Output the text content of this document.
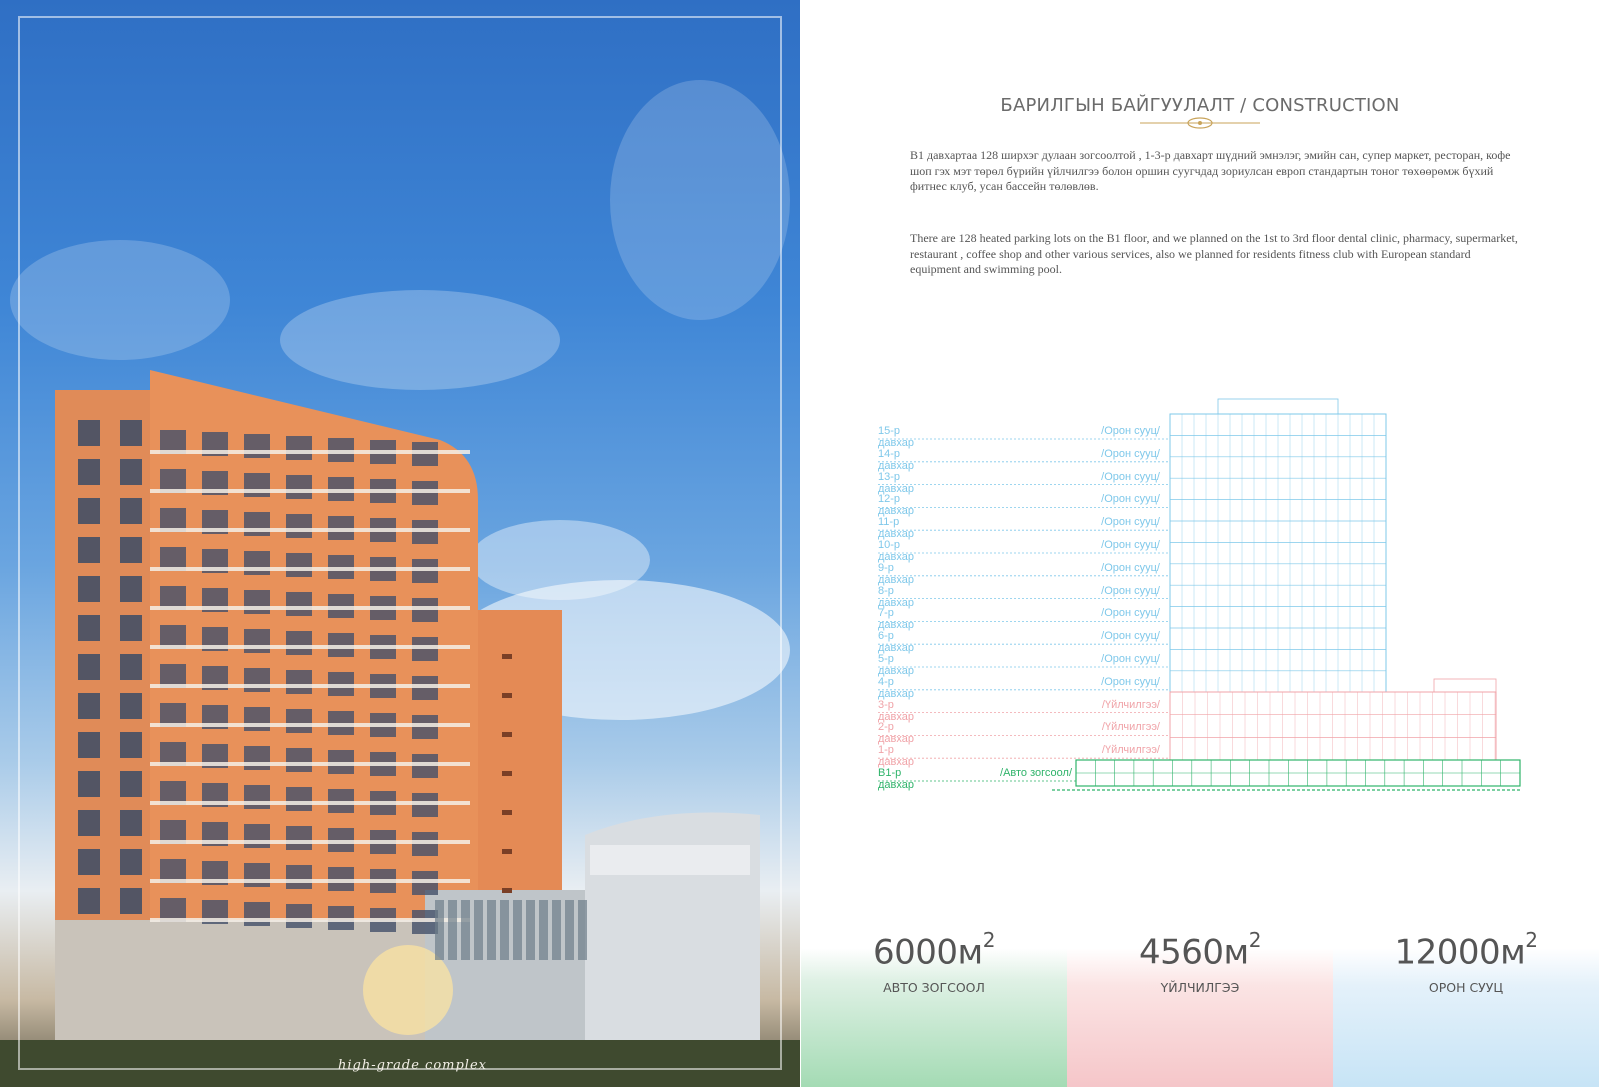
high-grade complex
БАРИЛГЫН БАЙГУУЛАЛТ / CONSTRUCTION
B1 давхартаа 128 ширхэг дулаан зогсоолтой , 1-3-р давхарт шүдний эмнэлэг, эмийн сан, супер маркет, ресторан, кофе шоп гэх мэт төрөл бүрийн үйлчилгээ болон оршин суугчдад зориулсан европ стандартын тоног төхөөрөмж бүхий фитнес клуб, усан бассейн төлөвлөв.
There are 128 heated parking lots on the B1 floor, and we planned on the 1st to 3rd floor dental clinic, pharmacy, supermarket, restaurant , coffee shop and other various services, also we planned for residents fitness club with European standard equipment and swimming pool.
15-р давхар
/Орон сууц/
14-р давхар
/Орон сууц/
13-р давхар
/Орон сууц/
12-р давхар
/Орон сууц/
11-р давхар
/Орон сууц/
10-р давхар
/Орон сууц/
9-р давхар
/Орон сууц/
8-р давхар
/Орон сууц/
7-р давхар
/Орон сууц/
6-р давхар
/Орон сууц/
5-р давхар
/Орон сууц/
4-р давхар
/Орон сууц/
3-р давхар
/Үйлчилгээ/
2-р давхар
/Үйлчилгээ/
1-р давхар
/Үйлчилгээ/
B1-р давхар
/Авто зогсоол/
$6000м^2$
АВТО ЗОГСООЛ
$4560м^2$
ҮЙЛЧИЛГЭЭ
$12000м^2$
ОРОН СУУЦ
